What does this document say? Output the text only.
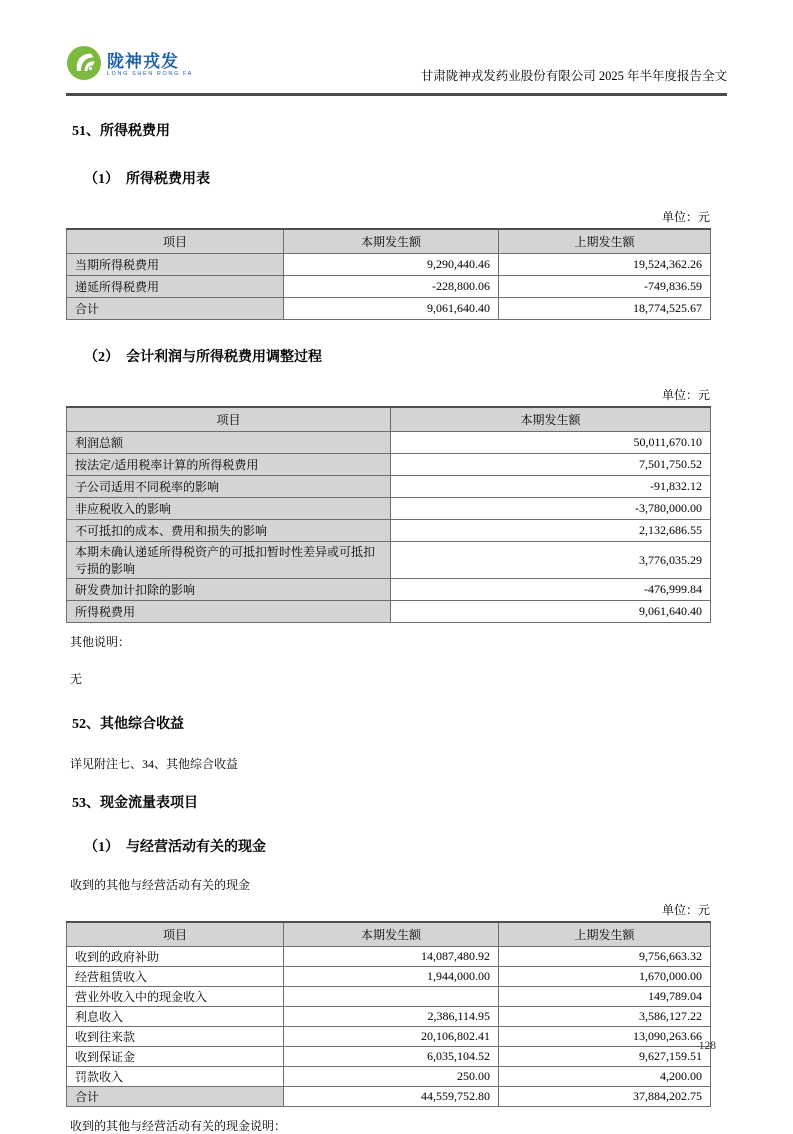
陇神戎发
LONG SHEN RONG FA	甘肃陇神戎发药业股份有限公司 2025 年半年度报告全文
51、所得税费用
（1）　所得税费用表
单位：元
项目	本期发生额	上期发生额
当期所得税费用	9,290,440.46	19,524,362.26
递延所得税费用	-228,800.06	-749,836.59
合计	9,061,640.40	18,774,525.67
（2）　会计利润与所得税费用调整过程
单位：元
项目	本期发生额
利润总额	50,011,670.10
按法定/适用税率计算的所得税费用	7,501,750.52
子公司适用不同税率的影响	-91,832.12
非应税收入的影响	-3,780,000.00
不可抵扣的成本、费用和损失的影响	2,132,686.55
本期未确认递延所得税资产的可抵扣暂时性差异或可抵扣亏损的影响	3,776,035.29
研发费加计扣除的影响	-476,999.84
所得税费用	9,061,640.40
其他说明：
无
52、其他综合收益
详见附注七、34、其他综合收益
53、现金流量表项目
（1）　与经营活动有关的现金
收到的其他与经营活动有关的现金
单位：元
项目	本期发生额	上期发生额
收到的政府补助	14,087,480.92	9,756,663.32
经营租赁收入	1,944,000.00	1,670,000.00
营业外收入中的现金收入		149,789.04
利息收入	2,386,114.95	3,586,127.22
收到往来款	20,106,802.41	13,090,263.66
收到保证金	6,035,104.52	9,627,159.51
罚款收入	250.00	4,200.00
合计	44,559,752.80	37,884,202.75
收到的其他与经营活动有关的现金说明：
128
